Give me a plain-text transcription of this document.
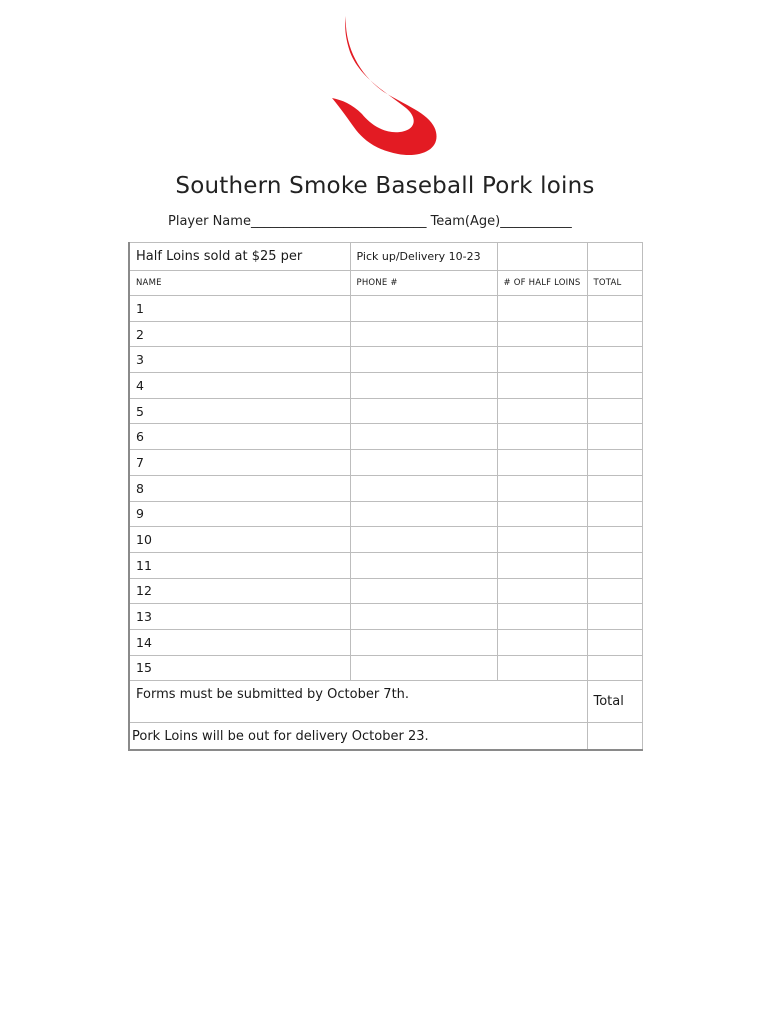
Southern Smoke Baseball Pork loins
Player Name___________________________ Team(Age)___________
Half Loins sold at $25 per	Pick up/Delivery 10-23		
NAME	PHONE #	# OF HALF LOINS	TOTAL
1			
2			
3			
4			
5			
6			
7			
8			
9			
10			
11			
12			
13			
14			
15			
Forms must be submitted by October 7th.			Total
Pork Loins will be out for delivery October 23.			
